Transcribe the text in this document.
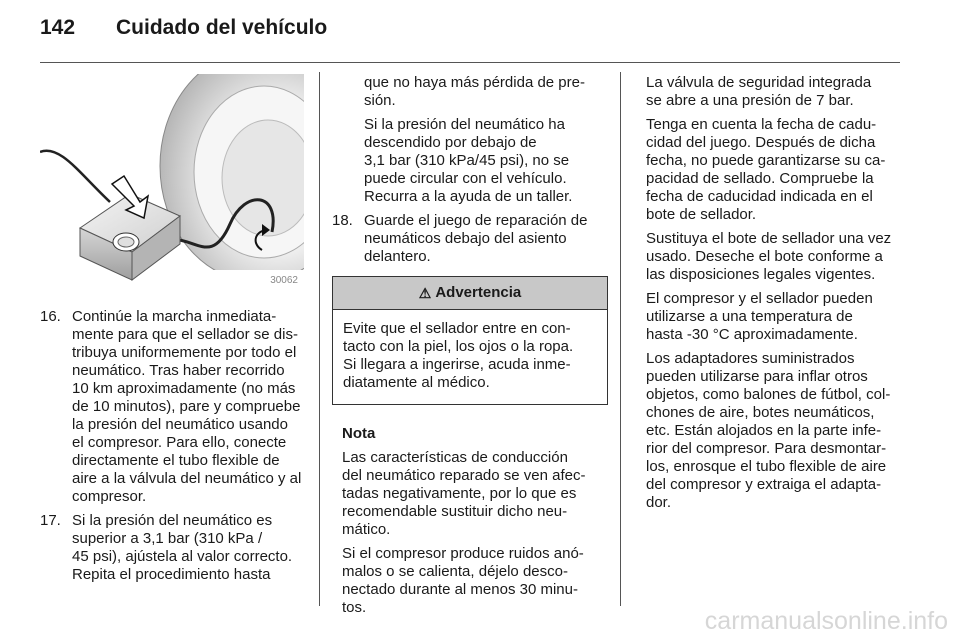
142 Cuidado del vehículo
30062
16. Continúe la marcha inmediata-
mente para que el sellador se dis-
tribuya uniformemente por todo el
neumático. Tras haber recorrido
10 km aproximadamente (no más
de 10 minutos), pare y compruebe
la presión del neumático usando
el compresor. Para ello, conecte
directamente el tubo flexible de
aire a la válvula del neumático y al
compresor.
17. Si la presión del neumático es
superior a 3,1 bar (310 kPa /
45 psi), ajústela al valor correcto.
Repita el procedimiento hasta

que no haya más pérdida de pre-
sión.

Si la presión del neumático ha
descendido por debajo de
3,1 bar (310 kPa/45 psi), no se
puede circular con el vehículo.
Recurra a la ayuda de un taller.

18. Guarde el juego de reparación de
neumáticos debajo del asiento
delantero.
⚠ Advertencia
Evite que el sellador entre en con-
tacto con la piel, los ojos o la ropa.
Si llegara a ingerirse, acuda inme-
diatamente al médico.

Nota

Las características de conducción
del neumático reparado se ven afec-
tadas negativamente, por lo que es
recomendable sustituir dicho neu-
mático.

Si el compresor produce ruidos anó-
malos o se calienta, déjelo desco-
nectado durante al menos 30 minu-
tos.

La válvula de seguridad integrada
se abre a una presión de 7 bar.

Tenga en cuenta la fecha de cadu-
cidad del juego. Después de dicha
fecha, no puede garantizarse su ca-
pacidad de sellado. Compruebe la
fecha de caducidad indicada en el
bote de sellador.

Sustituya el bote de sellador una vez
usado. Deseche el bote conforme a
las disposiciones legales vigentes.

El compresor y el sellador pueden
utilizarse a una temperatura de
hasta -30 °C aproximadamente.

Los adaptadores suministrados
pueden utilizarse para inflar otros
objetos, como balones de fútbol, col-
chones de aire, botes neumáticos,
etc. Están alojados en la parte infe-
rior del compresor. Para desmontar-
los, enrosque el tubo flexible de aire
del compresor y extraiga el adapta-
dor.

carmanualsonline.info
